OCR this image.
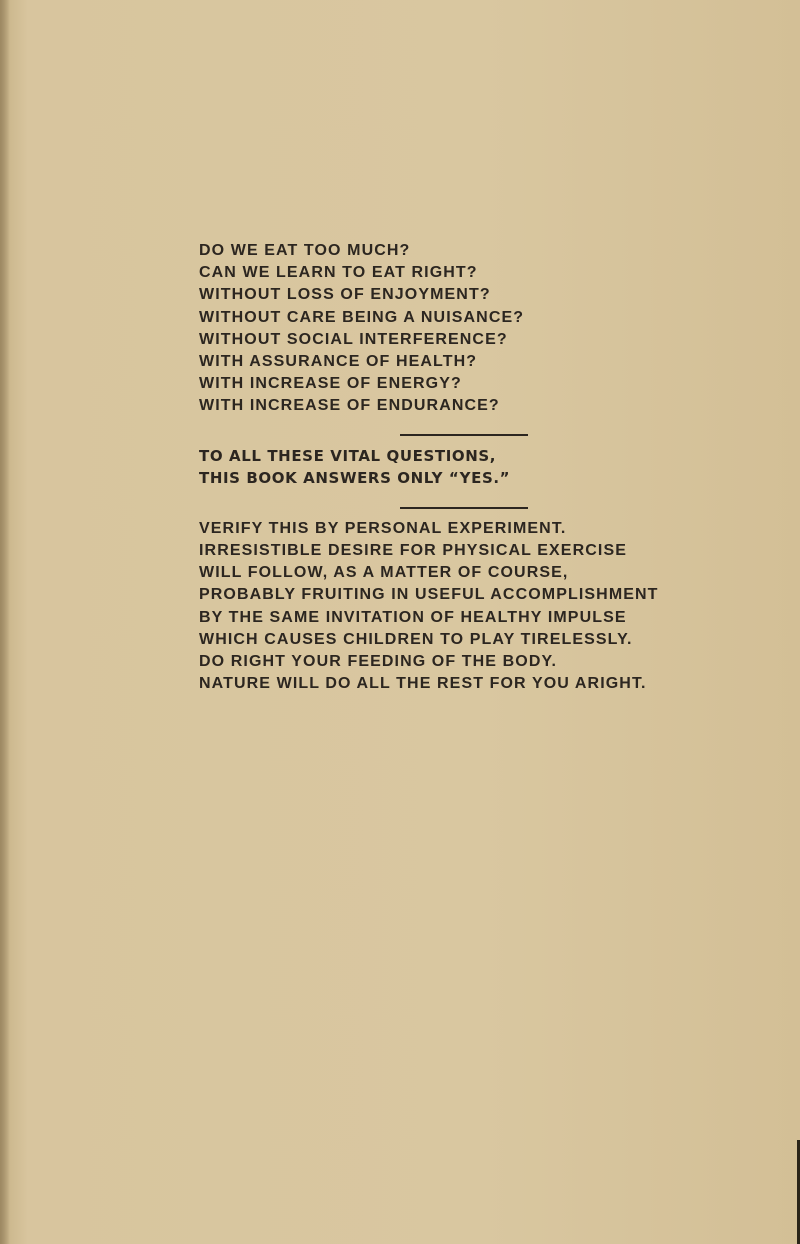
DO WE EAT TOO MUCH?
CAN WE LEARN TO EAT RIGHT?
WITHOUT LOSS OF ENJOYMENT?
WITHOUT CARE BEING A NUISANCE?
WITHOUT SOCIAL INTERFERENCE?
WITH ASSURANCE OF HEALTH?
WITH INCREASE OF ENERGY?
WITH INCREASE OF ENDURANCE?
TO ALL THESE VITAL QUESTIONS,
THIS BOOK ANSWERS ONLY “YES.”
VERIFY THIS BY PERSONAL EXPERIMENT.
IRRESISTIBLE DESIRE FOR PHYSICAL EXERCISE
WILL FOLLOW, AS A MATTER OF COURSE,
PROBABLY FRUITING IN USEFUL ACCOMPLISHMENT
BY THE SAME INVITATION OF HEALTHY IMPULSE
WHICH CAUSES CHILDREN TO PLAY TIRELESSLY.
DO RIGHT YOUR FEEDING OF THE BODY.
NATURE WILL DO ALL THE REST FOR YOU ARIGHT.
